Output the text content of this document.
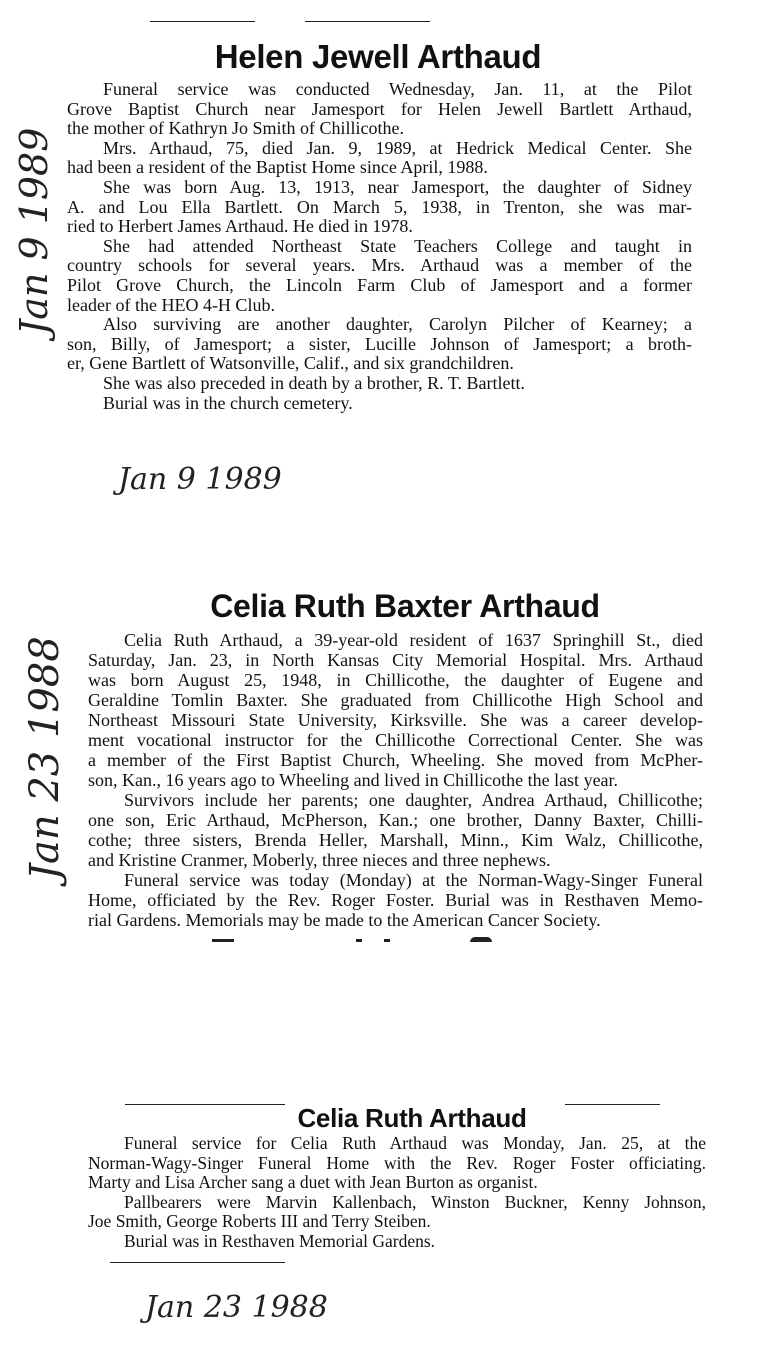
Jan 9 1989
Helen Jewell Arthaud
Funeral service was conducted Wednesday, Jan. 11, at the Pilot
Grove Baptist Church near Jamesport for Helen Jewell Bartlett Arthaud,
the mother of Kathryn Jo Smith of Chillicothe.
Mrs. Arthaud, 75, died Jan. 9, 1989, at Hedrick Medical Center. She
had been a resident of the Baptist Home since April, 1988.
She was born Aug. 13, 1913, near Jamesport, the daughter of Sidney
A. and Lou Ella Bartlett. On March 5, 1938, in Trenton, she was mar-
ried to Herbert James Arthaud. He died in 1978.
She had attended Northeast State Teachers College and taught in
country schools for several years. Mrs. Arthaud was a member of the
Pilot Grove Church, the Lincoln Farm Club of Jamesport and a former
leader of the HEO 4-H Club.
Also surviving are another daughter, Carolyn Pilcher of Kearney; a
son, Billy, of Jamesport; a sister, Lucille Johnson of Jamesport; a broth-
er, Gene Bartlett of Watsonville, Calif., and six grandchildren.
She was also preceded in death by a brother, R. T. Bartlett.
Burial was in the church cemetery.
Jan 9 1989
Jan 23 1988
Celia Ruth Baxter Arthaud
Celia Ruth Arthaud, a 39-year-old resident of 1637 Springhill St., died
Saturday, Jan. 23, in North Kansas City Memorial Hospital. Mrs. Arthaud
was born August 25, 1948, in Chillicothe, the daughter of Eugene and
Geraldine Tomlin Baxter. She graduated from Chillicothe High School and
Northeast Missouri State University, Kirksville. She was a career develop-
ment vocational instructor for the Chillicothe Correctional Center. She was
a member of the First Baptist Church, Wheeling. She moved from McPher-
son, Kan., 16 years ago to Wheeling and lived in Chillicothe the last year.
Survivors include her parents; one daughter, Andrea Arthaud, Chillicothe;
one son, Eric Arthaud, McPherson, Kan.; one brother, Danny Baxter, Chilli-
cothe; three sisters, Brenda Heller, Marshall, Minn., Kim Walz, Chillicothe,
and Kristine Cranmer, Moberly, three nieces and three nephews.
Funeral service was today (Monday) at the Norman-Wagy-Singer Funeral
Home, officiated by the Rev. Roger Foster. Burial was in Resthaven Memo-
rial Gardens. Memorials may be made to the American Cancer Society.
Celia Ruth Arthaud
Funeral service for Celia Ruth Arthaud was Monday, Jan. 25, at the
Norman-Wagy-Singer Funeral Home with the Rev. Roger Foster officiating.
Marty and Lisa Archer sang a duet with Jean Burton as organist.
Pallbearers were Marvin Kallenbach, Winston Buckner, Kenny Johnson,
Joe Smith, George Roberts III and Terry Steiben.
Burial was in Resthaven Memorial Gardens.
Jan 23 1988
